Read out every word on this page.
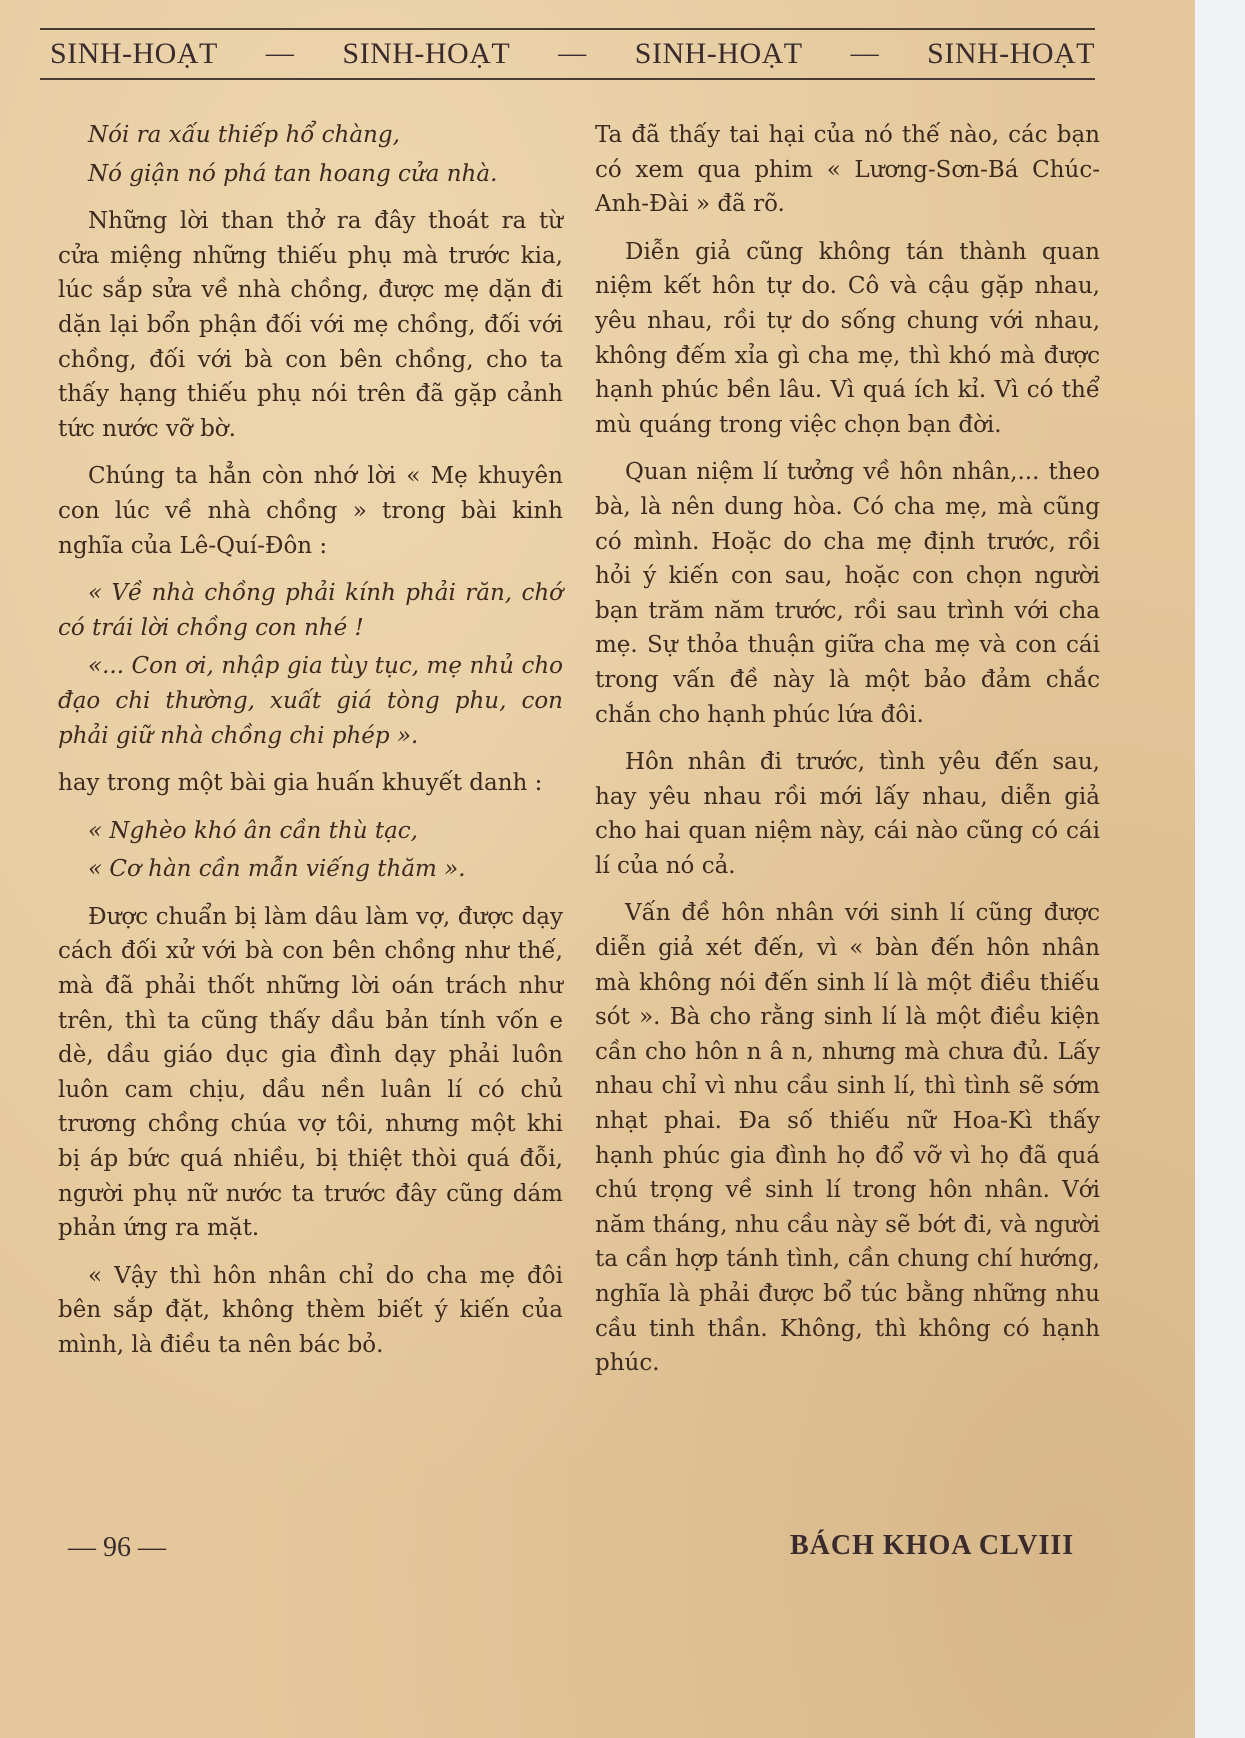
SINH-HOẠT — SINH-HOẠT — SINH-HOẠT — SINH-HOẠT

Nói ra xấu thiếp hổ chàng,

Nó giận nó phá tan hoang cửa nhà.

Những lời than thở ra đây thoát ra từ cửa miệng những thiếu phụ mà trước kia, lúc sắp sửa về nhà chồng, được mẹ dặn đi dặn lại bổn phận đối với mẹ chồng, đối với chồng, đối với bà con bên chồng, cho ta thấy hạng thiếu phụ nói trên đã gặp cảnh tức nước vỡ bờ.

Chúng ta hẳn còn nhớ lời « Mẹ khuyên con lúc về nhà chồng » trong bài kinh nghĩa của Lê-Quí-Đôn :

« Về nhà chồng phải kính phải răn, chớ có trái lời chồng con nhé !

«... Con ơi, nhập gia tùy tục, mẹ nhủ cho đạo chi thường, xuất giá tòng phu, con phải giữ nhà chồng chi phép ».

hay trong một bài gia huấn khuyết danh :

« Nghèo khó ân cần thù tạc,

« Cơ hàn cần mẫn viếng thăm ».

Được chuẩn bị làm dâu làm vợ, được dạy cách đối xử với bà con bên chồng như thế, mà đã phải thốt những lời oán trách như trên, thì ta cũng thấy dầu bản tính vốn e dè, dầu giáo dục gia đình dạy phải luôn luôn cam chịu, dầu nền luân lí có chủ trương chồng chúa vợ tôi, nhưng một khi bị áp bức quá nhiều, bị thiệt thòi quá đỗi, người phụ nữ nước ta trước đây cũng dám phản ứng ra mặt.

« Vậy thì hôn nhân chỉ do cha mẹ đôi bên sắp đặt, không thèm biết ý kiến của mình, là điều ta nên bác bỏ.

Ta đã thấy tai hại của nó thế nào, các bạn có xem qua phim « Lương-Sơn-Bá Chúc-Anh-Đài » đã rõ.

Diễn giả cũng không tán thành quan niệm kết hôn tự do. Cô và cậu gặp nhau, yêu nhau, rồi tự do sống chung với nhau, không đếm xỉa gì cha mẹ, thì khó mà được hạnh phúc bền lâu. Vì quá ích kỉ. Vì có thể mù quáng trong việc chọn bạn đời.

Quan niệm lí tưởng về hôn nhân,... theo bà, là nên dung hòa. Có cha mẹ, mà cũng có mình. Hoặc do cha mẹ định trước, rồi hỏi ý kiến con sau, hoặc con chọn người bạn trăm năm trước, rồi sau trình với cha mẹ. Sự thỏa thuận giữa cha mẹ và con cái trong vấn đề này là một bảo đảm chắc chắn cho hạnh phúc lứa đôi.

Hôn nhân đi trước, tình yêu đến sau, hay yêu nhau rồi mới lấy nhau, diễn giả cho hai quan niệm này, cái nào cũng có cái lí của nó cả.

Vấn đề hôn nhân với sinh lí cũng được diễn giả xét đến, vì « bàn đến hôn nhân mà không nói đến sinh lí là một điều thiếu sót ». Bà cho rằng sinh lí là một điều kiện cần cho hôn n â n, nhưng mà chưa đủ. Lấy nhau chỉ vì nhu cầu sinh lí, thì tình sẽ sớm nhạt phai. Đa số thiếu nữ Hoa-Kì thấy hạnh phúc gia đình họ đổ vỡ vì họ đã quá chú trọng về sinh lí trong hôn nhân. Với năm tháng, nhu cầu này sẽ bớt đi, và người ta cần hợp tánh tình, cần chung chí hướng, nghĩa là phải được bổ túc bằng những nhu cầu tinh thần. Không, thì không có hạnh phúc.

— 96 —	BÁCH KHOA CLVIII
